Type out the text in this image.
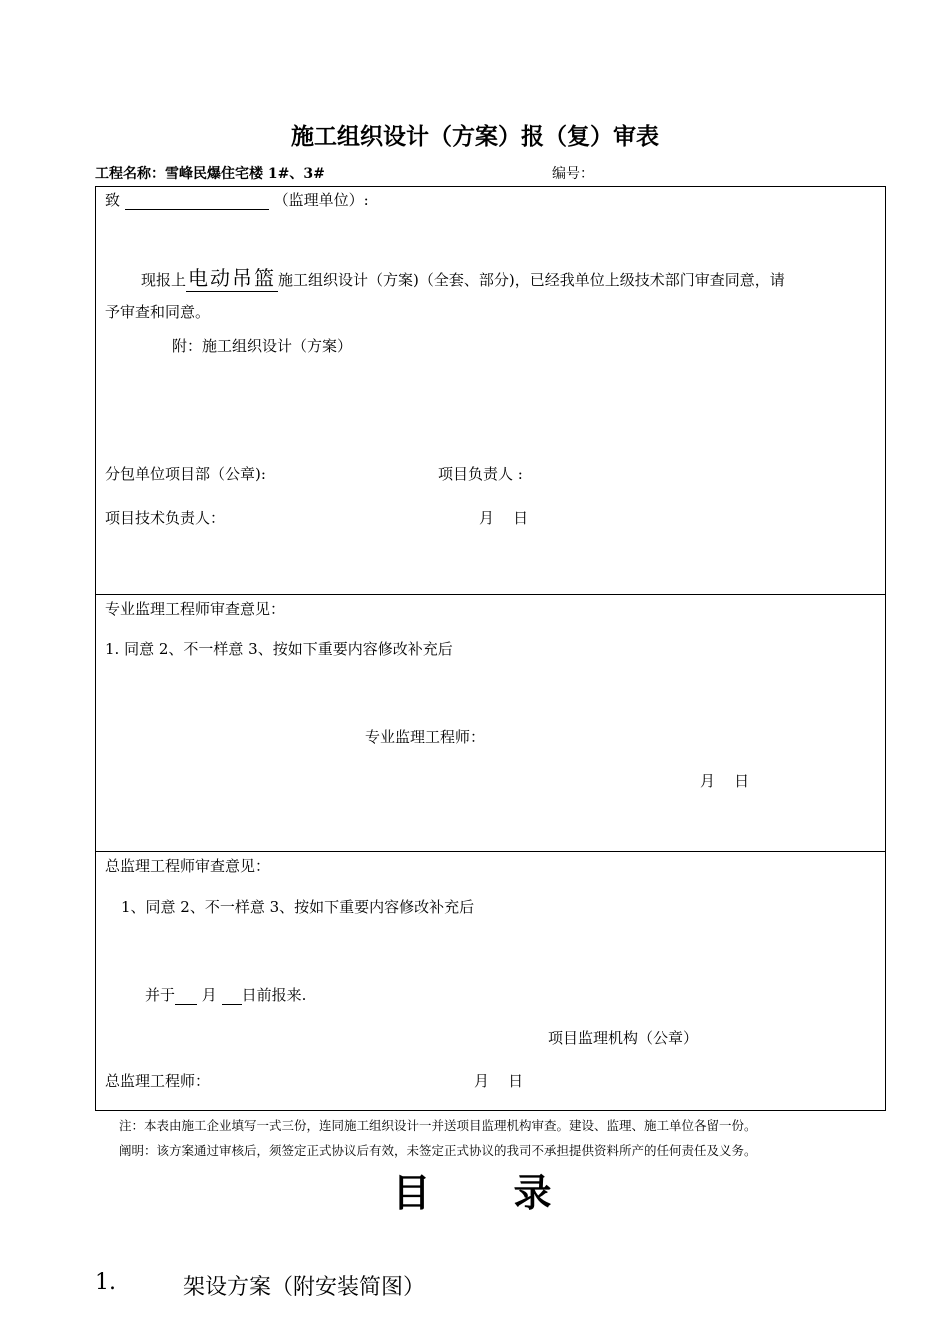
施工组织设计（方案）报（复）审表
工程名称：雪峰民爆住宅楼 1#、3#	编号：
致	（监理单位）:
现报上 电动吊篮 施工组织设计（方案)（全套、部分)，已经我单位上级技术部门审查同意，请
予审查和同意。
附：施工组织设计（方案）
分包单位项目部（公章):	项目负责人 :
项目技术负责人：	月    日
专业监理工程师审查意见：
1. 同意 2、不一样意 3、按如下重要内容修改补充后
专业监理工程师：
月    日
总监理工程师审查意见：
1、同意 2、不一样意 3、按如下重要内容修改补充后
并于 月 日前报来.
项目监理机构（公章）
总监理工程师：	月    日
注：本表由施工企业填写一式三份，连同施工组织设计一并送项目监理机构审查。建设、监理、施工单位各留一份。
阐明：该方案通过审核后，须签定正式协议后有效，未签定正式协议的我司不承担提供资料所产的任何责任及义务。
目    录
1.	架设方案（附安装简图）
